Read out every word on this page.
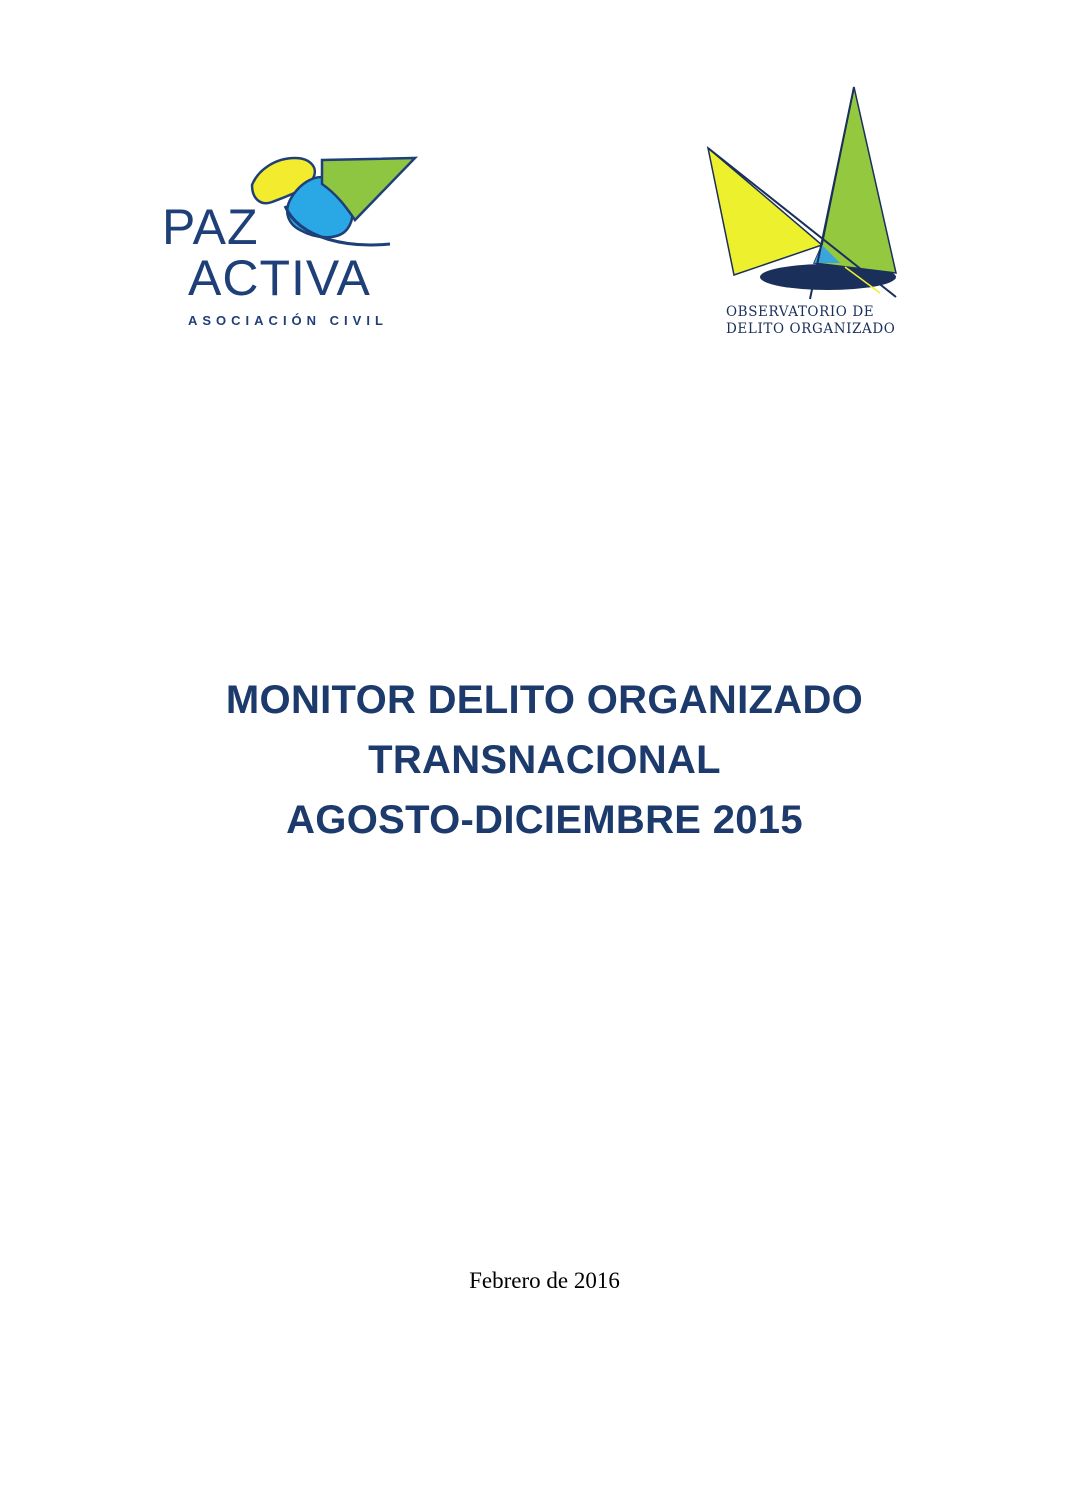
PAZ
ACTIVA
ASOCIACIÓN CIVIL
OBSERVATORIO DE
DELITO ORGANIZADO
MONITOR DELITO ORGANIZADO
TRANSNACIONAL
AGOSTO-DICIEMBRE 2015
Febrero de 2016
